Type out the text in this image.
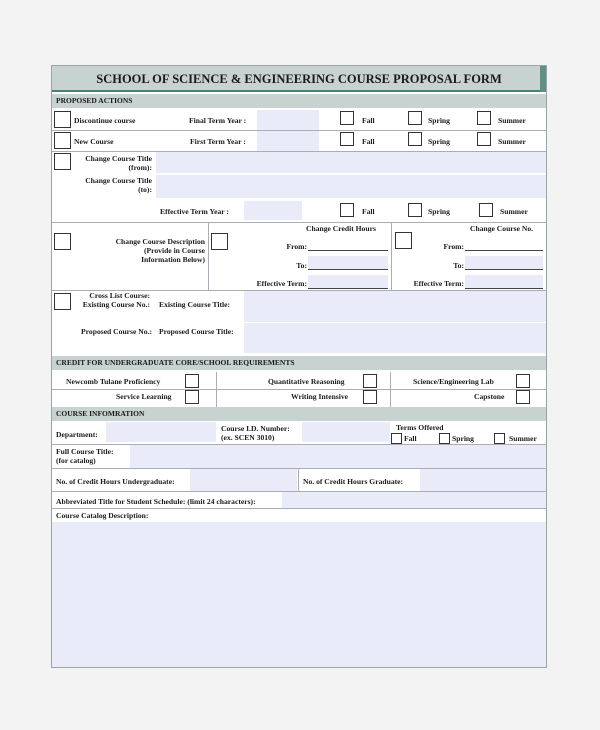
SCHOOL OF SCIENCE & ENGINEERING COURSE PROPOSAL FORM
PROPOSED ACTIONS
Discontinue course	Final Term Year :	Fall	Spring	Summer
New Course	First Term Year :	Fall	Spring	Summer
Change Course Title
(from):
Change Course Title
(to):
Effective Term Year :	Fall	Spring	Summer
Change Course Description
(Provide in Course
Information Below)
Change Credit Hours
From:
To:
Effective Term:
Change Course No.
From:
To:
Effective Term:
Cross List Course:
Existing Course No.: Existing Course Title:
Proposed Course No.: Proposed Course Title:
CREDIT FOR UNDERGRADUATE CORE/SCHOOL REQUIREMENTS
Newcomb Tulane Proficiency	Quantitative Reasoning	Science/Engineering Lab
Service Learning	Writing Intensive	Capstone
COURSE INFOMRATION
Department:
Course I.D. Number:
(ex. SCEN 3010)
Terms Offered
Fall	Spring	Summer
Full Course Title:
(for catalog)
No. of Credit Hours Undergraduate:	No. of Credit Hours Graduate:
Abbreviated Title for Student Schedule: (limit 24 characters):
Course Catalog Description:
